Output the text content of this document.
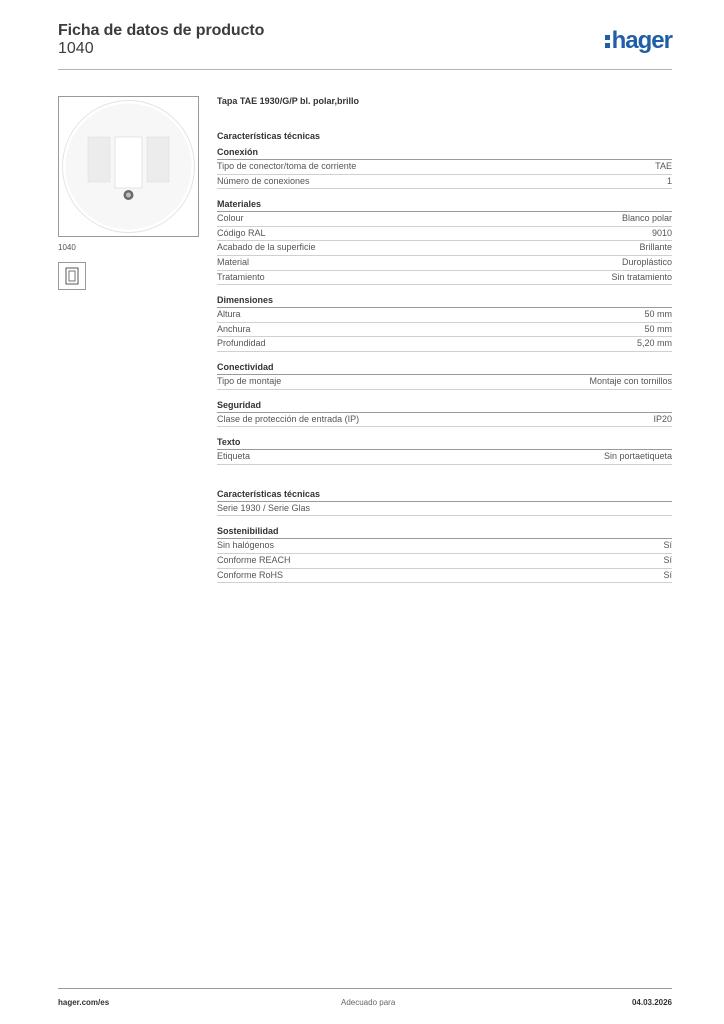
Ficha de datos de producto
1040	hager
1040
Tapa TAE 1930/G/P bl. polar,brillo
Características técnicas
Conexión
Tipo de conector/toma de corriente	TAE
Número de conexiones	1
Materiales
Colour	Blanco polar
Código RAL	9010
Acabado de la superficie	Brillante
Material	Duroplástico
Tratamiento	Sin tratamiento
Dimensiones
Altura	50 mm
Anchura	50 mm
Profundidad	5,20 mm
Conectividad
Tipo de montaje	Montaje con tornillos
Seguridad
Clase de protección de entrada (IP)	IP20
Texto
Etiqueta	Sin portaetiqueta
Características técnicas
Serie 1930 / Serie Glas
Sostenibilidad
Sin halógenos	Sí
Conforme REACH	Sí
Conforme RoHS	Sí
hager.com/es	Adecuado para	04.03.2026
